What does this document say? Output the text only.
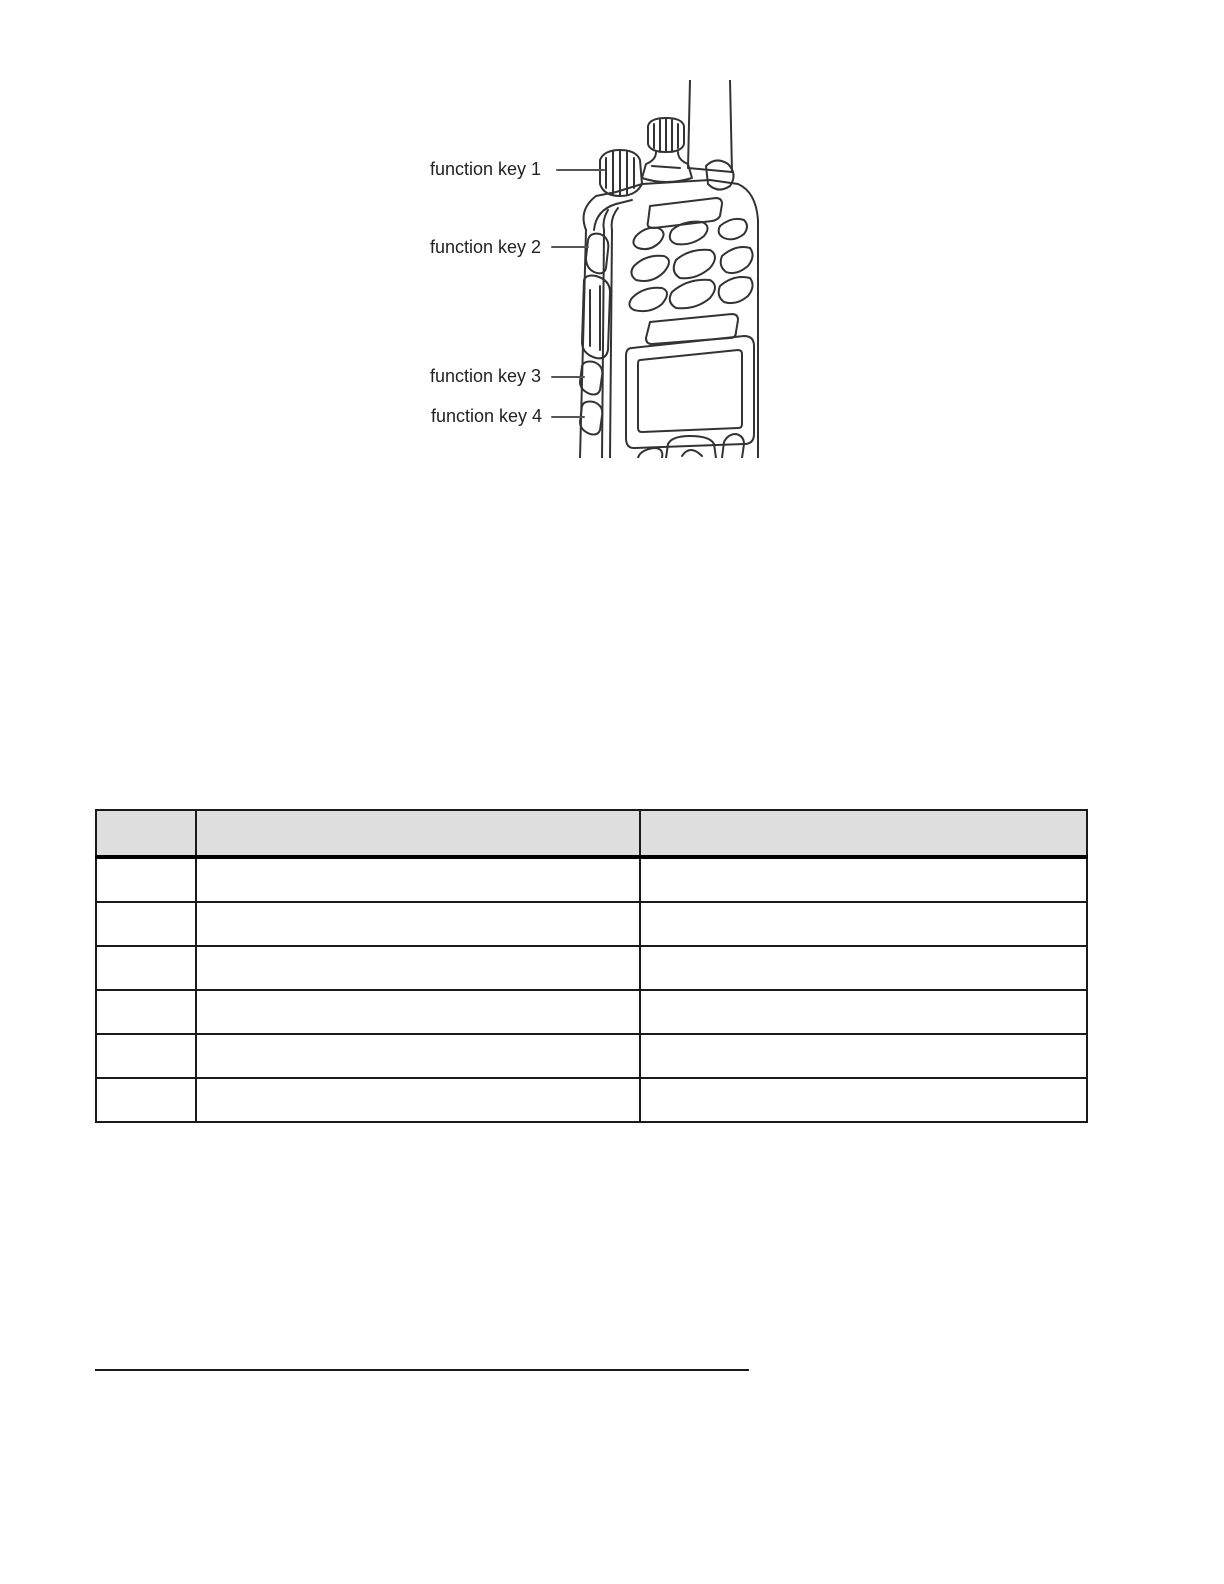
function key 1
function key 2
function key 3
function key 4
